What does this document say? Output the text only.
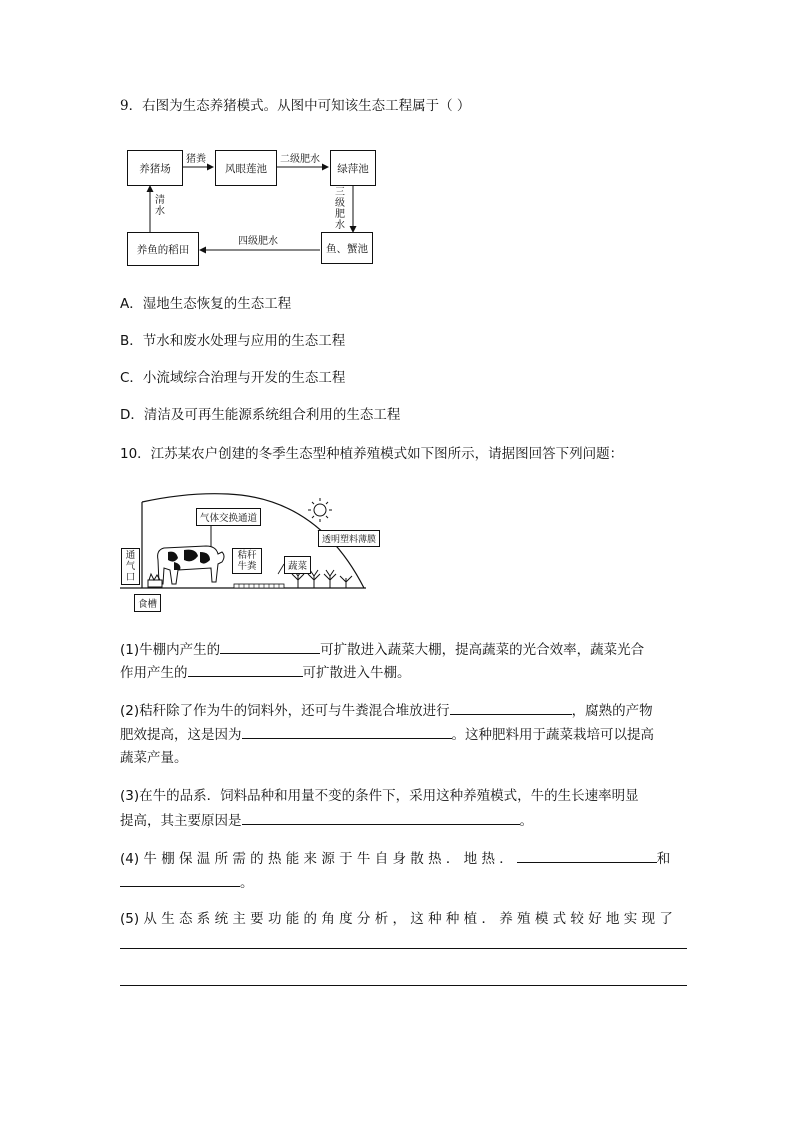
9．右图为生态养猪模式。从图中可知该生态工程属于（ ）
养猪场	风眼莲池	绿萍池
鱼、蟹池
养鱼的稻田
猪粪	二级肥水
三级肥水
四级肥水
清水
A．湿地生态恢复的生态工程
B．节水和废水处理与应用的生态工程
C．小流域综合治理与开发的生态工程
D．清洁及可再生能源系统组合利用的生态工程
10．江苏某农户创建的冬季生态型种植养殖模式如下图所示，请据图回答下列问题：
气体交换通道
透明塑料薄膜
通气口
秸秆牛粪	蔬菜
食槽
(1)牛棚内产生的	可扩散进入蔬菜大棚，提高蔬菜的光合效率，蔬菜光合
作用产生的	可扩散进入牛棚。
(2)秸秆除了作为牛的饲料外，还可与牛粪混合堆放进行	，腐熟的产物
肥效提高，这是因为	。这种肥料用于蔬菜栽培可以提高
蔬菜产量。
(3)在牛的品系．饲料品种和用量不变的条件下，采用这种养殖模式，牛的生长速率明显
提高，其主要原因是	。
(4) 牛 棚 保 温 所 需 的 热 能 来 源 于 牛 自 身 散 热 ． 地 热 ．	和
。
(5) 从 生 态 系 统 主 要 功 能 的 角 度 分 析 ， 这 种 种 植 ． 养 殖 模 式 较 好 地 实 现 了
